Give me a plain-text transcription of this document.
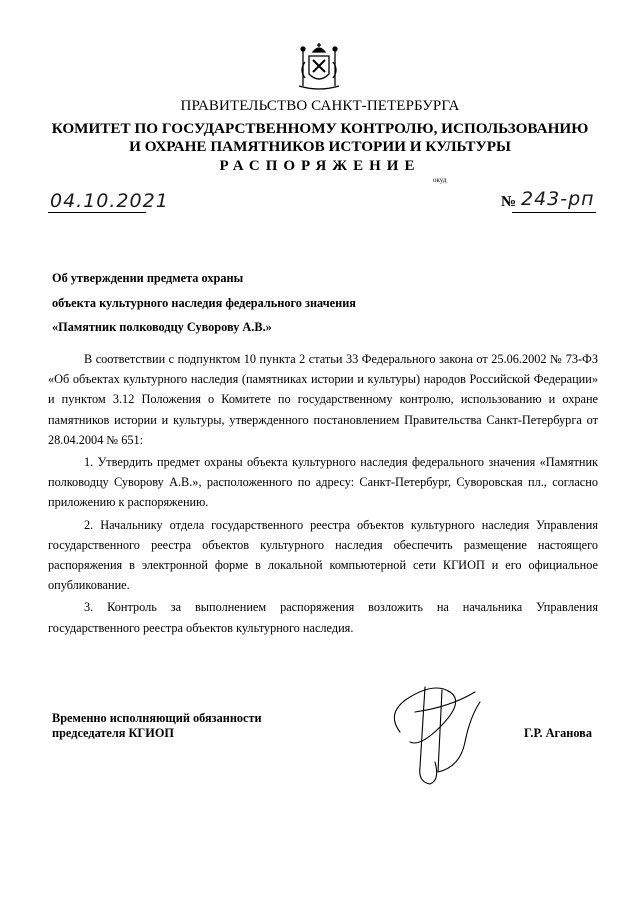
ПРАВИТЕЛЬСТВО САНКТ-ПЕТЕРБУРГА
КОМИТЕТ ПО ГОСУДАРСТВЕННОМУ КОНТРОЛЮ, ИСПОЛЬЗОВАНИЮ
И ОХРАНЕ ПАМЯТНИКОВ ИСТОРИИ И КУЛЬТУРЫ
РАСПОРЯЖЕНИЕ
окуд
04.10.2021	№ 243-рп
Об утверждении предмета охраны
объекта культурного наследия федерального значения
«Памятник полководцу Суворову А.В.»

В соответствии с подпунктом 10 пункта 2 статьи 33 Федерального закона от 25.06.2002 № 73-ФЗ «Об объектах культурного наследия (памятниках истории и культуры) народов Российской Федерации» и пунктом 3.12 Положения о Комитете по государственному контролю, использованию и охране памятников истории и культуры, утвержденного постановлением Правительства Санкт-Петербурга от 28.04.2004 № 651:

1. Утвердить предмет охраны объекта культурного наследия федерального значения «Памятник полководцу Суворову А.В.», расположенного по адресу: Санкт-Петербург, Суворовская пл., согласно приложению к распоряжению.

2. Начальнику отдела государственного реестра объектов культурного наследия Управления государственного реестра объектов культурного наследия обеспечить размещение настоящего распоряжения в электронной форме в локальной компьютерной сети КГИОП и его официальное опубликование.

3. Контроль за выполнением распоряжения возложить на начальника Управления государственного реестра объектов культурного наследия.

Временно исполняющий обязанности
председателя КГИОП	Г.Р. Аганова
